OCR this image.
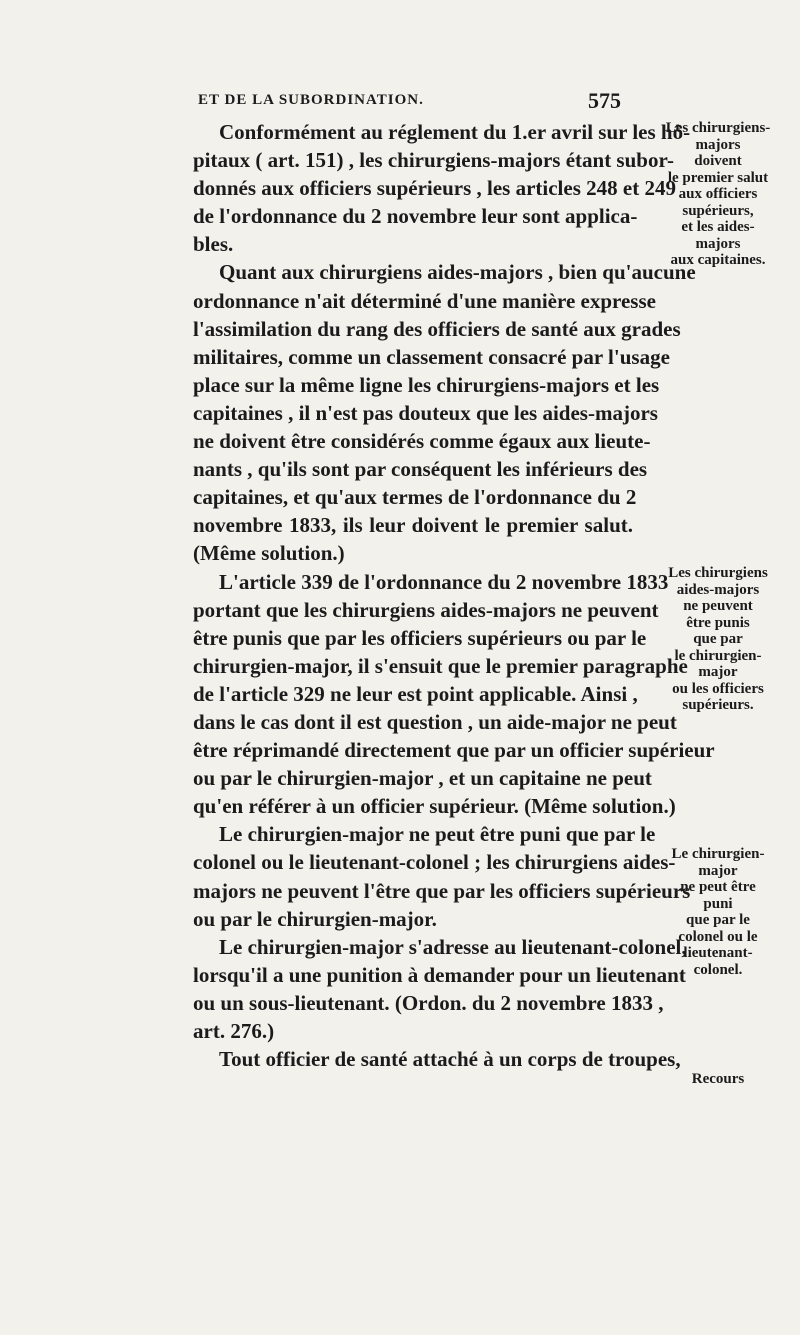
ET DE LA SUBORDINATION.	575
Conformément au réglement du 1.er avril sur les hô-
pitaux ( art. 151) , les chirurgiens-majors étant subor-
donnés aux officiers supérieurs , les articles 248 et 249
de l'ordonnance du 2 novembre leur sont applica-
bles.
Quant aux chirurgiens aides-majors , bien qu'aucune
ordonnance n'ait déterminé d'une manière expresse
l'assimilation du rang des officiers de santé aux grades
militaires, comme un classement consacré par l'usage
place sur la même ligne les chirurgiens-majors et les
capitaines , il n'est pas douteux que les aides-majors
ne doivent être considérés comme égaux aux lieute-
nants , qu'ils sont par conséquent les inférieurs des
capitaines, et qu'aux termes de l'ordonnance du 2
novembre 1833, ils leur doivent le premier salut.
(Même solution.)
L'article 339 de l'ordonnance du 2 novembre 1833
portant que les chirurgiens aides-majors ne peuvent
être punis que par les officiers supérieurs ou par le
chirurgien-major, il s'ensuit que le premier paragraphe
de l'article 329 ne leur est point applicable. Ainsi ,
dans le cas dont il est question , un aide-major ne peut
être réprimandé directement que par un officier supérieur
ou par le chirurgien-major , et un capitaine ne peut
qu'en référer à un officier supérieur. (Même solution.)
Le chirurgien-major ne peut être puni que par le
colonel ou le lieutenant-colonel ; les chirurgiens aides-
majors ne peuvent l'être que par les officiers supérieurs
ou par le chirurgien-major.
Le chirurgien-major s'adresse au lieutenant-colonel,
lorsqu'il a une punition à demander pour un lieutenant
ou un sous-lieutenant. (Ordon. du 2 novembre 1833 ,
art. 276.)
Tout officier de santé attaché à un corps de troupes,
Les chirurgiens-
majors
doivent
le premier salut
aux officiers
supérieurs,
et les aides-
majors
aux capitaines.
Les chirurgiens
aides-majors
ne peuvent
être punis
que par
le chirurgien-
major
ou les officiers
supérieurs.
Le chirurgien-
major
ne peut être
puni
que par le
colonel ou le
lieutenant-
colonel.
Recours
